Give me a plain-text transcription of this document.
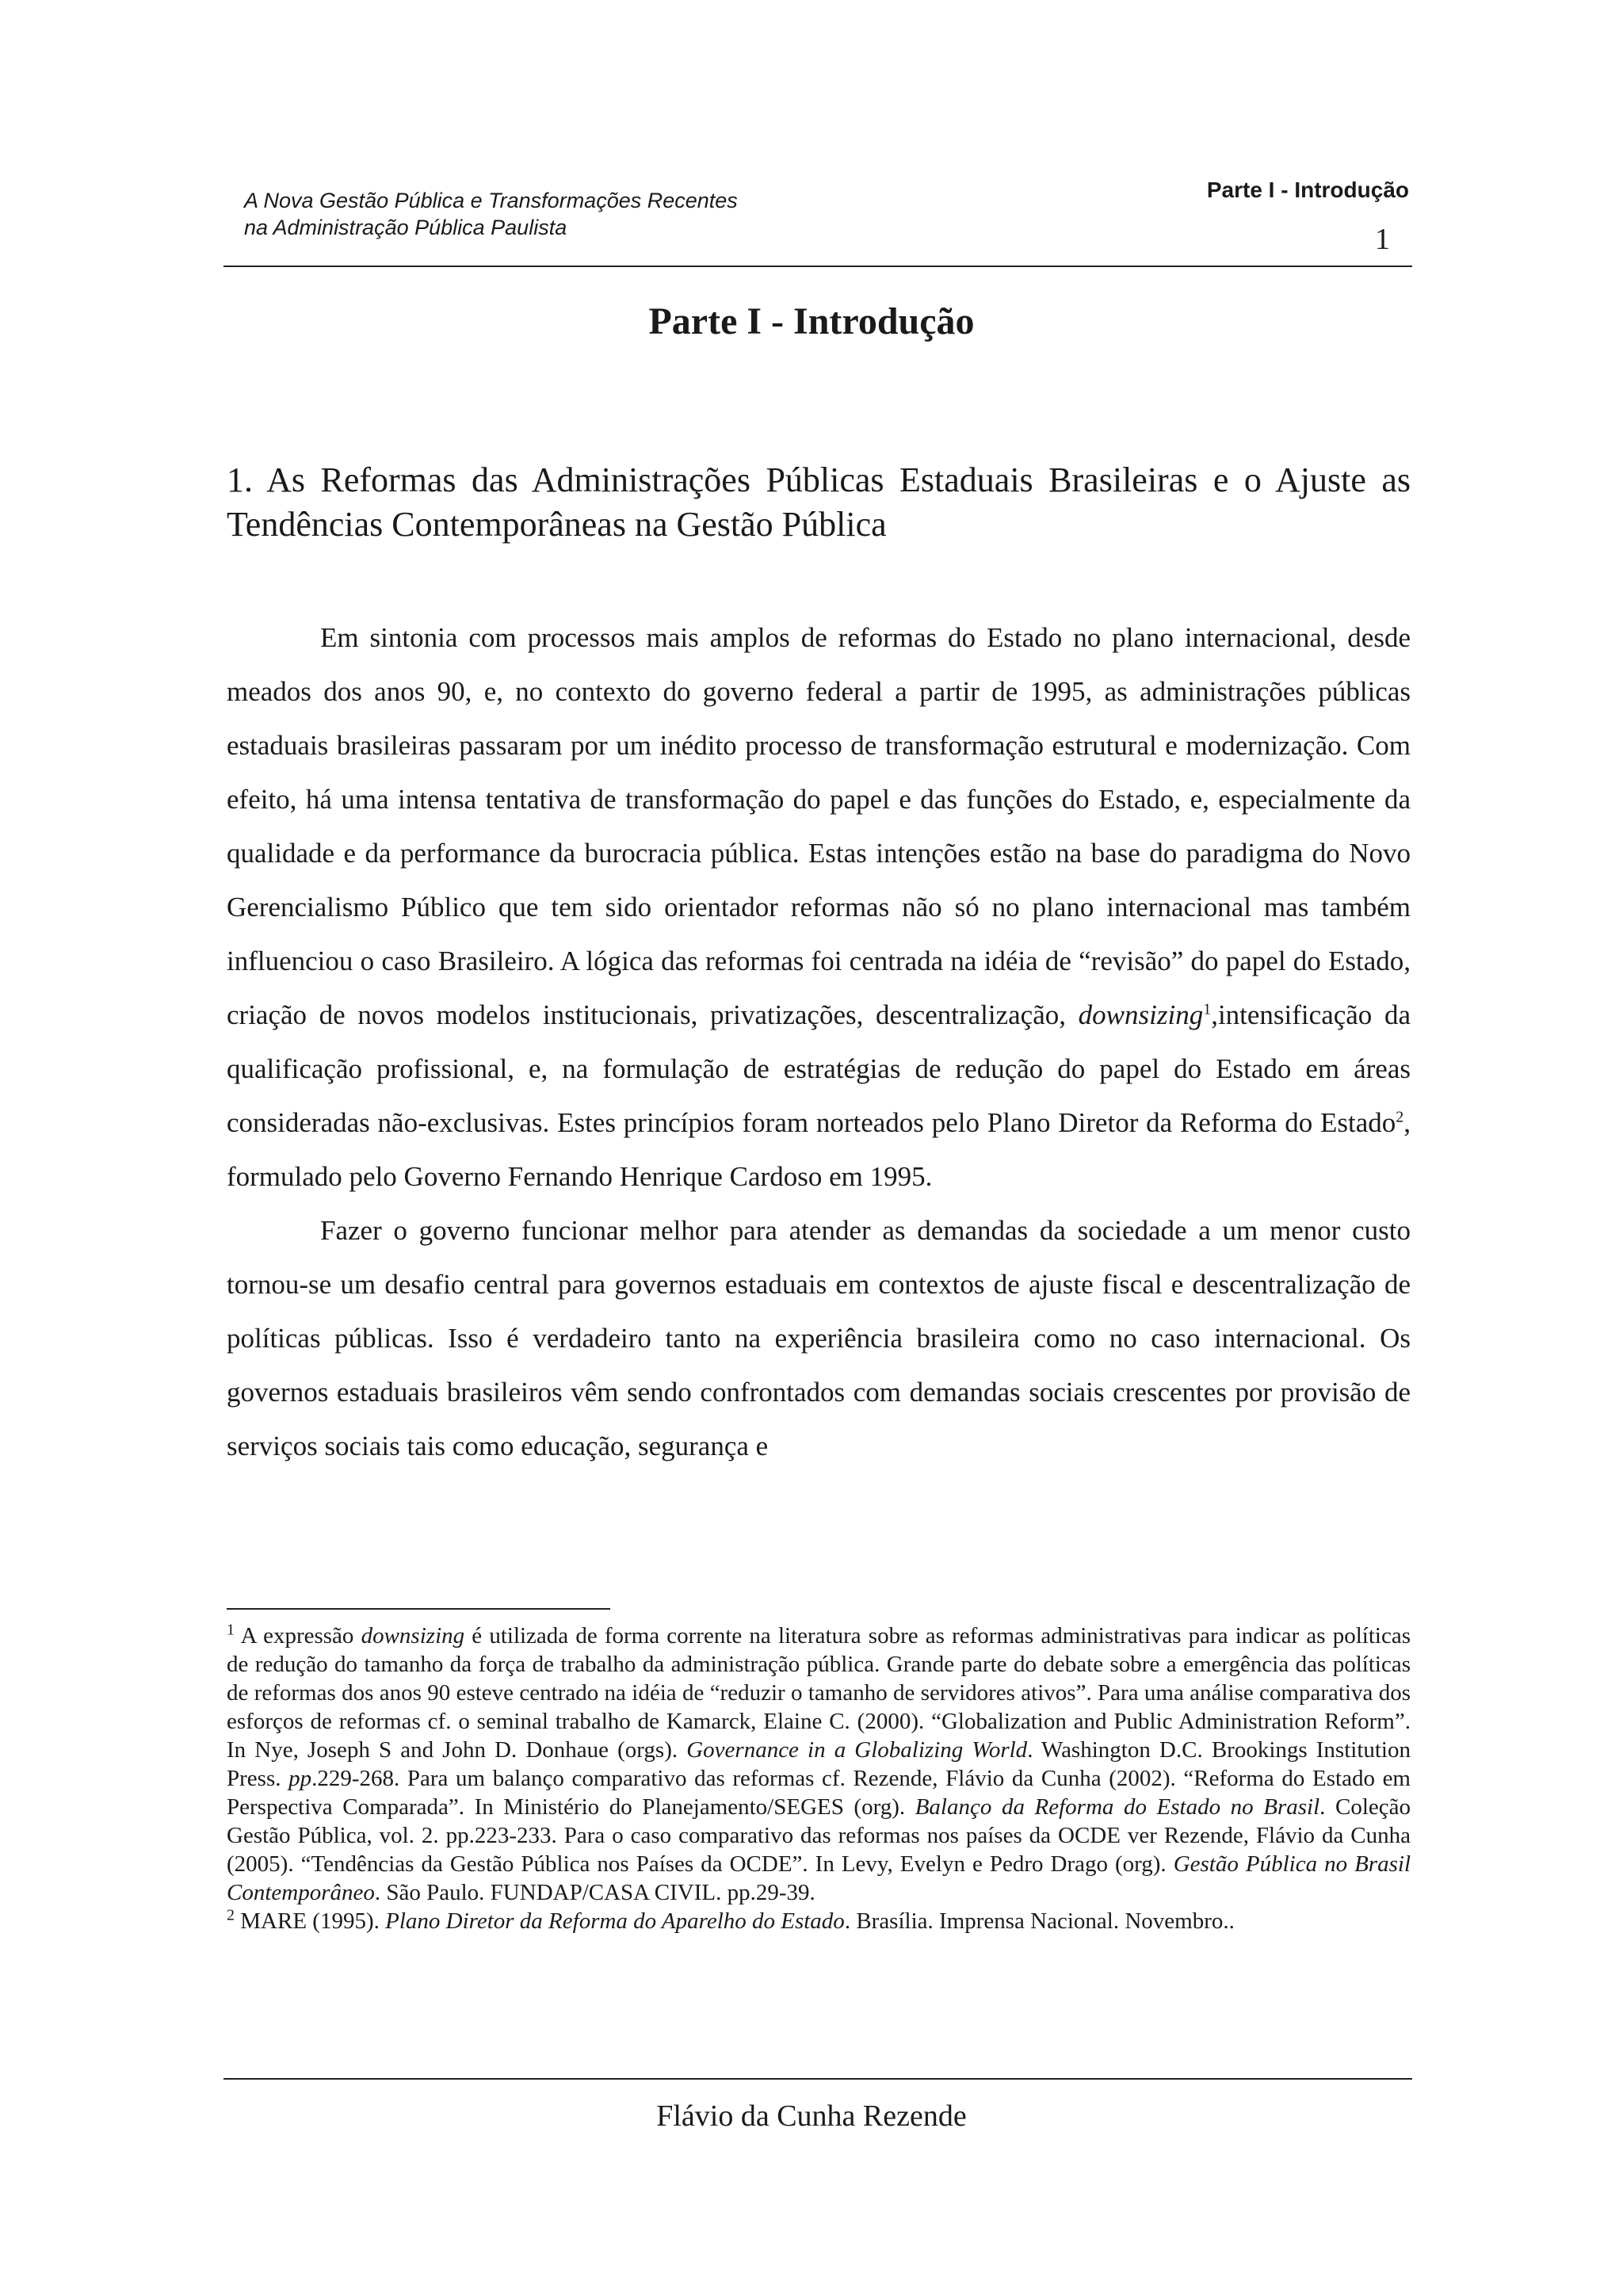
A Nova Gestão Pública e Transformações Recentes
na Administração Pública Paulista
Parte I - Introdução
1
Parte I - Introdução
1. As Reformas das Administrações Públicas Estaduais Brasileiras e o Ajuste as Tendências Contemporâneas na Gestão Pública

Em sintonia com processos mais amplos de reformas do Estado no plano internacional, desde meados dos anos 90, e, no contexto do governo federal a partir de 1995, as administrações públicas estaduais brasileiras passaram por um inédito processo de transformação estrutural e modernização. Com efeito, há uma intensa tentativa de transformação do papel e das funções do Estado, e, especialmente da qualidade e da performance da burocracia pública. Estas intenções estão na base do paradigma do Novo Gerencialismo Público que tem sido orientador reformas não só no plano internacional mas também influenciou o caso Brasileiro. A lógica das reformas foi centrada na idéia de “revisão” do papel do Estado, criação de novos modelos institucionais, privatizações, descentralização, downsizing$^1$,intensificação da qualificação profissional, e, na formulação de estratégias de redução do papel do Estado em áreas consideradas não-exclusivas. Estes princípios foram norteados pelo Plano Diretor da Reforma do Estado$^2$, formulado pelo Governo Fernando Henrique Cardoso em 1995.

Fazer o governo funcionar melhor para atender as demandas da sociedade a um menor custo tornou-se um desafio central para governos estaduais em contextos de ajuste fiscal e descentralização de políticas públicas. Isso é verdadeiro tanto na experiência brasileira como no caso internacional. Os governos estaduais brasileiros vêm sendo confrontados com demandas sociais crescentes por provisão de serviços sociais tais como educação, segurança e

$^1$ A expressão downsizing é utilizada de forma corrente na literatura sobre as reformas administrativas para indicar as políticas de redução do tamanho da força de trabalho da administração pública. Grande parte do debate sobre a emergência das políticas de reformas dos anos 90 esteve centrado na idéia de “reduzir o tamanho de servidores ativos”. Para uma análise comparativa dos esforços de reformas cf. o seminal trabalho de Kamarck, Elaine C. (2000). “Globalization and Public Administration Reform”. In Nye, Joseph S and John D. Donhaue (orgs). Governance in a Globalizing World. Washington D.C. Brookings Institution Press. pp.229-268. Para um balanço comparativo das reformas cf. Rezende, Flávio da Cunha (2002). “Reforma do Estado em Perspectiva Comparada”. In Ministério do Planejamento/SEGES (org). Balanço da Reforma do Estado no Brasil. Coleção Gestão Pública, vol. 2. pp.223-233. Para o caso comparativo das reformas nos países da OCDE ver Rezende, Flávio da Cunha (2005). “Tendências da Gestão Pública nos Países da OCDE”. In Levy, Evelyn e Pedro Drago (org). Gestão Pública no Brasil Contemporâneo. São Paulo. FUNDAP/CASA CIVIL. pp.29-39.

$^2$ MARE (1995). Plano Diretor da Reforma do Aparelho do Estado. Brasília. Imprensa Nacional. Novembro..

Flávio da Cunha Rezende
